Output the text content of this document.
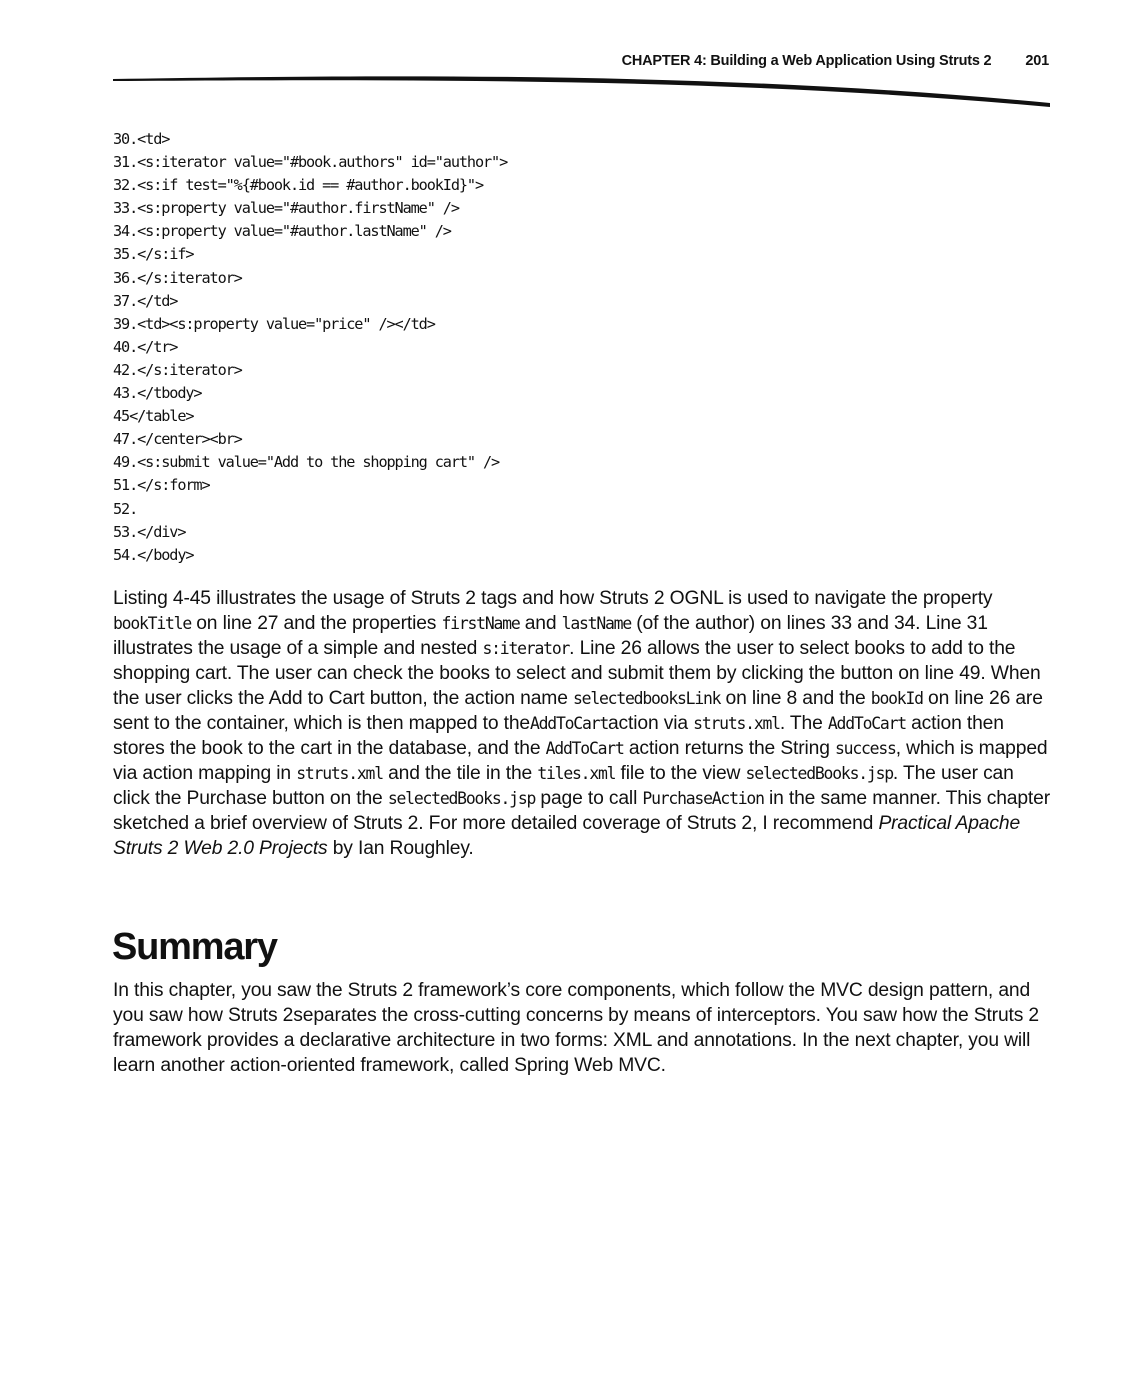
CHAPTER 4: Building a Web Application Using Struts 2 201
30.<td>
31.<s:iterator value="#book.authors" id="author">
32.<s:if test="%{#book.id == #author.bookId}">
33.<s:property value="#author.firstName" />
34.<s:property value="#author.lastName" />
35.</s:if>
36.</s:iterator>
37.</td>
39.<td><s:property value="price" /></td>
40.</tr>
42.</s:iterator>
43.</tbody>
45</table>
47.</center><br>
49.<s:submit value="Add to the shopping cart" />
51.</s:form>
52.
53.</div>
54.</body>

Listing 4-45 illustrates the usage of Struts 2 tags and how Struts 2 OGNL is used to navigate the property bookTitle on line 27 and the properties firstName and lastName (of the author) on lines 33 and 34. Line 31 illustrates the usage of a simple and nested s:iterator. Line 26 allows the user to select books to add to the shopping cart. The user can check the books to select and submit them by clicking the button on line 49. When the user clicks the Add to Cart button, the action name selectedbooksLink on line 8 and the bookId on line 26 are sent to the container, which is then mapped to theAddToCartaction via struts.xml. The AddToCart action then stores the book to the cart in the database, and the AddToCart action returns the String success, which is mapped via action mapping in struts.xml and the tile in the tiles.xml file to the view selectedBooks.jsp. The user can click the Purchase button on the selectedBooks.jsp page to call PurchaseAction in the same manner. This chapter sketched a brief overview of Struts 2. For more detailed coverage of Struts 2, I recommend Practical Apache Struts 2 Web 2.0 Projects by Ian Roughley.

Summary

In this chapter, you saw the Struts 2 framework’s core components, which follow the MVC design pattern, and you saw how Struts 2separates the cross-cutting concerns by means of interceptors. You saw how the Struts 2 framework provides a declarative architecture in two forms: XML and annotations. In the next chapter, you will learn another action-oriented framework, called Spring Web MVC.
